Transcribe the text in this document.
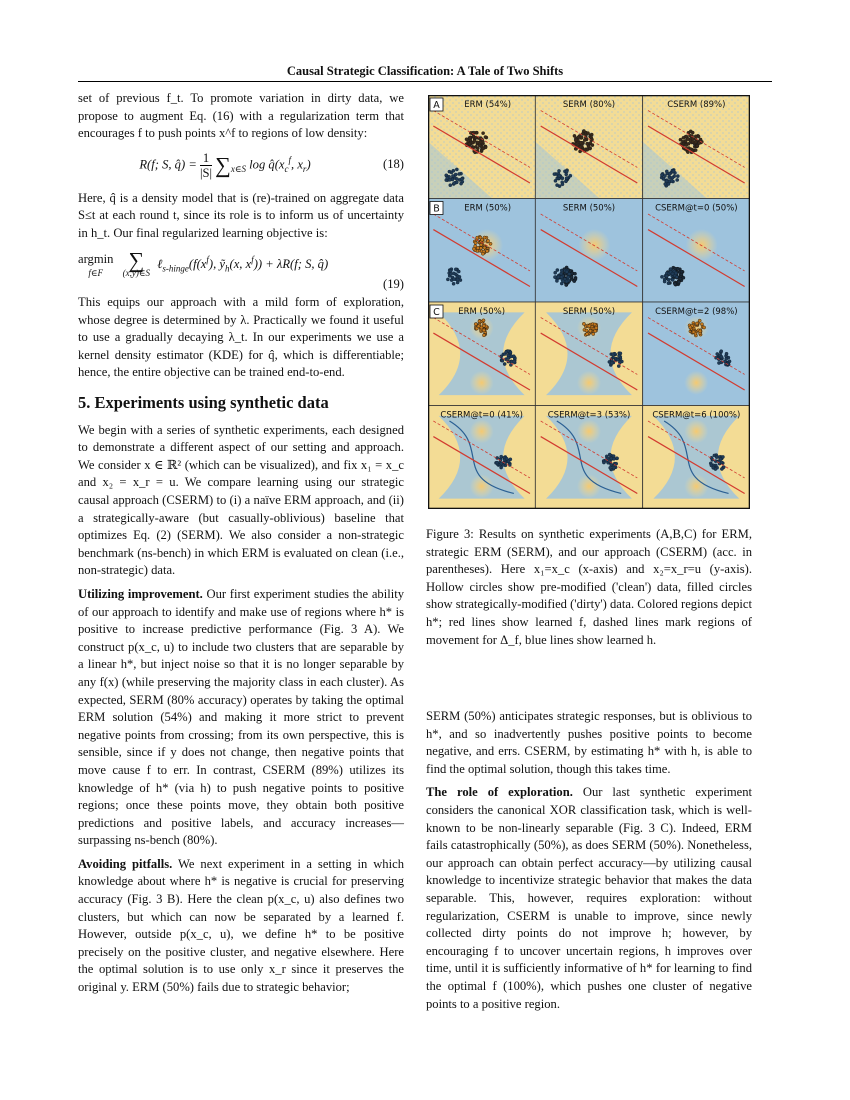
Causal Strategic Classification: A Tale of Two Shifts

set of previous f_t. To promote variation in dirty data, we propose to augment Eq. (16) with a regularization term that encourages f to push points x^f to regions of low density:

R(f; S, q̂) = $\frac{1}{|S|} \sum_{x\in S}$ $\log q̂(x_c^f$, $x_r$)	(18)

Here, q̂ is a density model that is (re)-trained on aggregate data S≤t at each round t, since its role is to inform us of uncertainty in h_t. Our final regularized learning objective is:

argmin
f∈F
∑
(x,y)∈S
$\ell_{s-hinge}(f(x^f)$, ỹ$_h$(x, $x^f)) + \lambda R(f$; S, q̂)
(19)

This equips our approach with a mild form of exploration, whose degree is determined by λ. Practically we found it useful to use a gradually decaying λ_t. In our experiments we use a kernel density estimator (KDE) for q̂, which is differentiable; hence, the entire objective can be trained end-to-end.

5. Experiments using synthetic data

We begin with a series of synthetic experiments, each designed to demonstrate a different aspect of our setting and approach. We consider x ∈ ℝ² (which can be visualized), and fix x₁ = x_c and x₂ = x_r = u. We compare learning using our strategic causal approach (CSERM) to (i) a naïve ERM approach, and (ii) a strategically-aware (but casually-oblivious) baseline that optimizes Eq. (2) (SERM). We also consider a non-strategic benchmark (ns-bench) in which ERM is evaluated on clean (i.e., non-strategic) data.

Utilizing improvement. Our first experiment studies the ability of our approach to identify and make use of regions where h* is positive to increase predictive performance (Fig. 3 A). We construct p(x_c, u) to include two clusters that are separable by a linear h*, but inject noise so that it is no longer separable by any f(x) (while preserving the majority class in each cluster). As expected, SERM (80% accuracy) operates by taking the optimal ERM solution (54%) and making it more strict to prevent negative points from crossing; from its own perspective, this is sensible, since if y does not change, then negative points that move cause f to err. In contrast, CSERM (89%) utilizes its knowledge of h* (via h) to push negative points to positive regions; once these points move, they obtain both positive predictions and positive labels, and accuracy increases—surpassing ns-bench (80%).

Avoiding pitfalls. We next experiment in a setting in which knowledge about where h* is negative is crucial for preserving accuracy (Fig. 3 B). Here the clean p(x_c, u) also defines two clusters, but which can now be separated by a learned f. However, outside p(x_c, u), we define h* to be positive precisely on the positive cluster, and negative elsewhere. Here the optimal solution is to use only x_r since it preserves the original y. ERM (50%) fails due to strategic behavior;

ERM (54%)	SERM (80%)	CSERM (89%)
A
ERM (50%)	SERM (50%)	CSERM@t=0 (50%)
B
ERM (50%)	SERM (50%)	CSERM@t=2 (98%)
C
CSERM@t=0 (41%)	CSERM@t=3 (53%)	CSERM@t=6 (100%)
Figure 3: Results on synthetic experiments (A,B,C) for ERM, strategic ERM (SERM), and our approach (CSERM) (acc. in parentheses). Here x₁=x_c (x-axis) and x₂=x_r=u (y-axis). Hollow circles show pre-modified ('clean') data, filled circles show strategically-modified ('dirty') data. Colored regions depict h*; red lines show learned f, dashed lines mark regions of movement for Δ_f, blue lines show learned h.

SERM (50%) anticipates strategic responses, but is oblivious to h*, and so inadvertently pushes positive points to become negative, and errs. CSERM, by estimating h* with h, is able to find the optimal solution, though this takes time.

The role of exploration. Our last synthetic experiment considers the canonical XOR classification task, which is well-known to be non-linearly separable (Fig. 3 C). Indeed, ERM fails catastrophically (50%), as does SERM (50%). Nonetheless, our approach can obtain perfect accuracy—by utilizing causal knowledge to incentivize strategic behavior that makes the data separable. This, however, requires exploration: without regularization, CSERM is unable to improve, since newly collected dirty points do not improve h; however, by encouraging f to uncover uncertain regions, h improves over time, until it is sufficiently informative of h* for learning to find the optimal f (100%), which pushes one cluster of negative points to a positive region.
